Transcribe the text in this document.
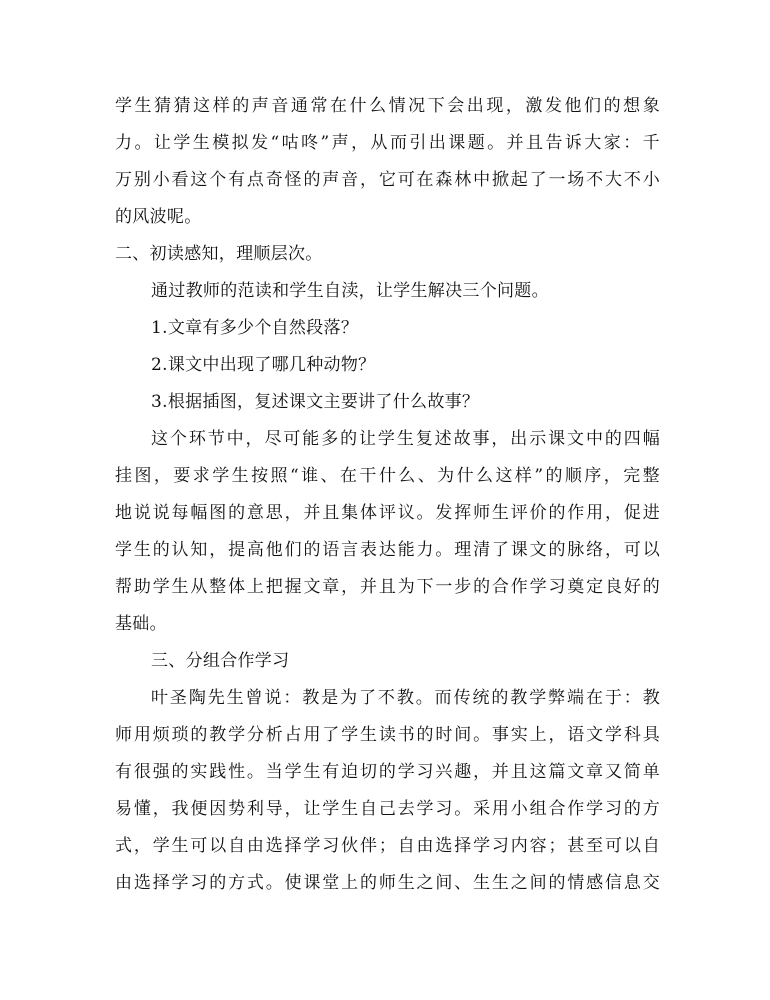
学生猜猜这样的声音通常在什么情况下会出现，激发他们的想象
力。让学生模拟发“咕咚”声，从而引出课题。并且告诉大家：千
万别小看这个有点奇怪的声音，它可在森林中掀起了一场不大不小
的风波呢。
二、初读感知，理顺层次。
通过教师的范读和学生自渎，让学生解决三个问题。
1.文章有多少个自然段落？
2.课文中出现了哪几种动物？
3.根据插图，复述课文主要讲了什么故事？
这个环节中，尽可能多的让学生复述故事，出示课文中的四幅
挂图，要求学生按照“谁、在干什么、为什么这样”的顺序，完整
地说说每幅图的意思，并且集体评议。发挥师生评价的作用，促进
学生的认知，提高他们的语言表达能力。理清了课文的脉络，可以
帮助学生从整体上把握文章，并且为下一步的合作学习奠定良好的
基础。
三、分组合作学习
叶圣陶先生曾说：教是为了不教。而传统的教学弊端在于：教
师用烦琐的教学分析占用了学生读书的时间。事实上，语文学科具
有很强的实践性。当学生有迫切的学习兴趣，并且这篇文章又简单
易懂，我便因势利导，让学生自己去学习。采用小组合作学习的方
式，学生可以自由选择学习伙伴；自由选择学习内容；甚至可以自
由选择学习的方式。使课堂上的师生之间、生生之间的情感信息交
